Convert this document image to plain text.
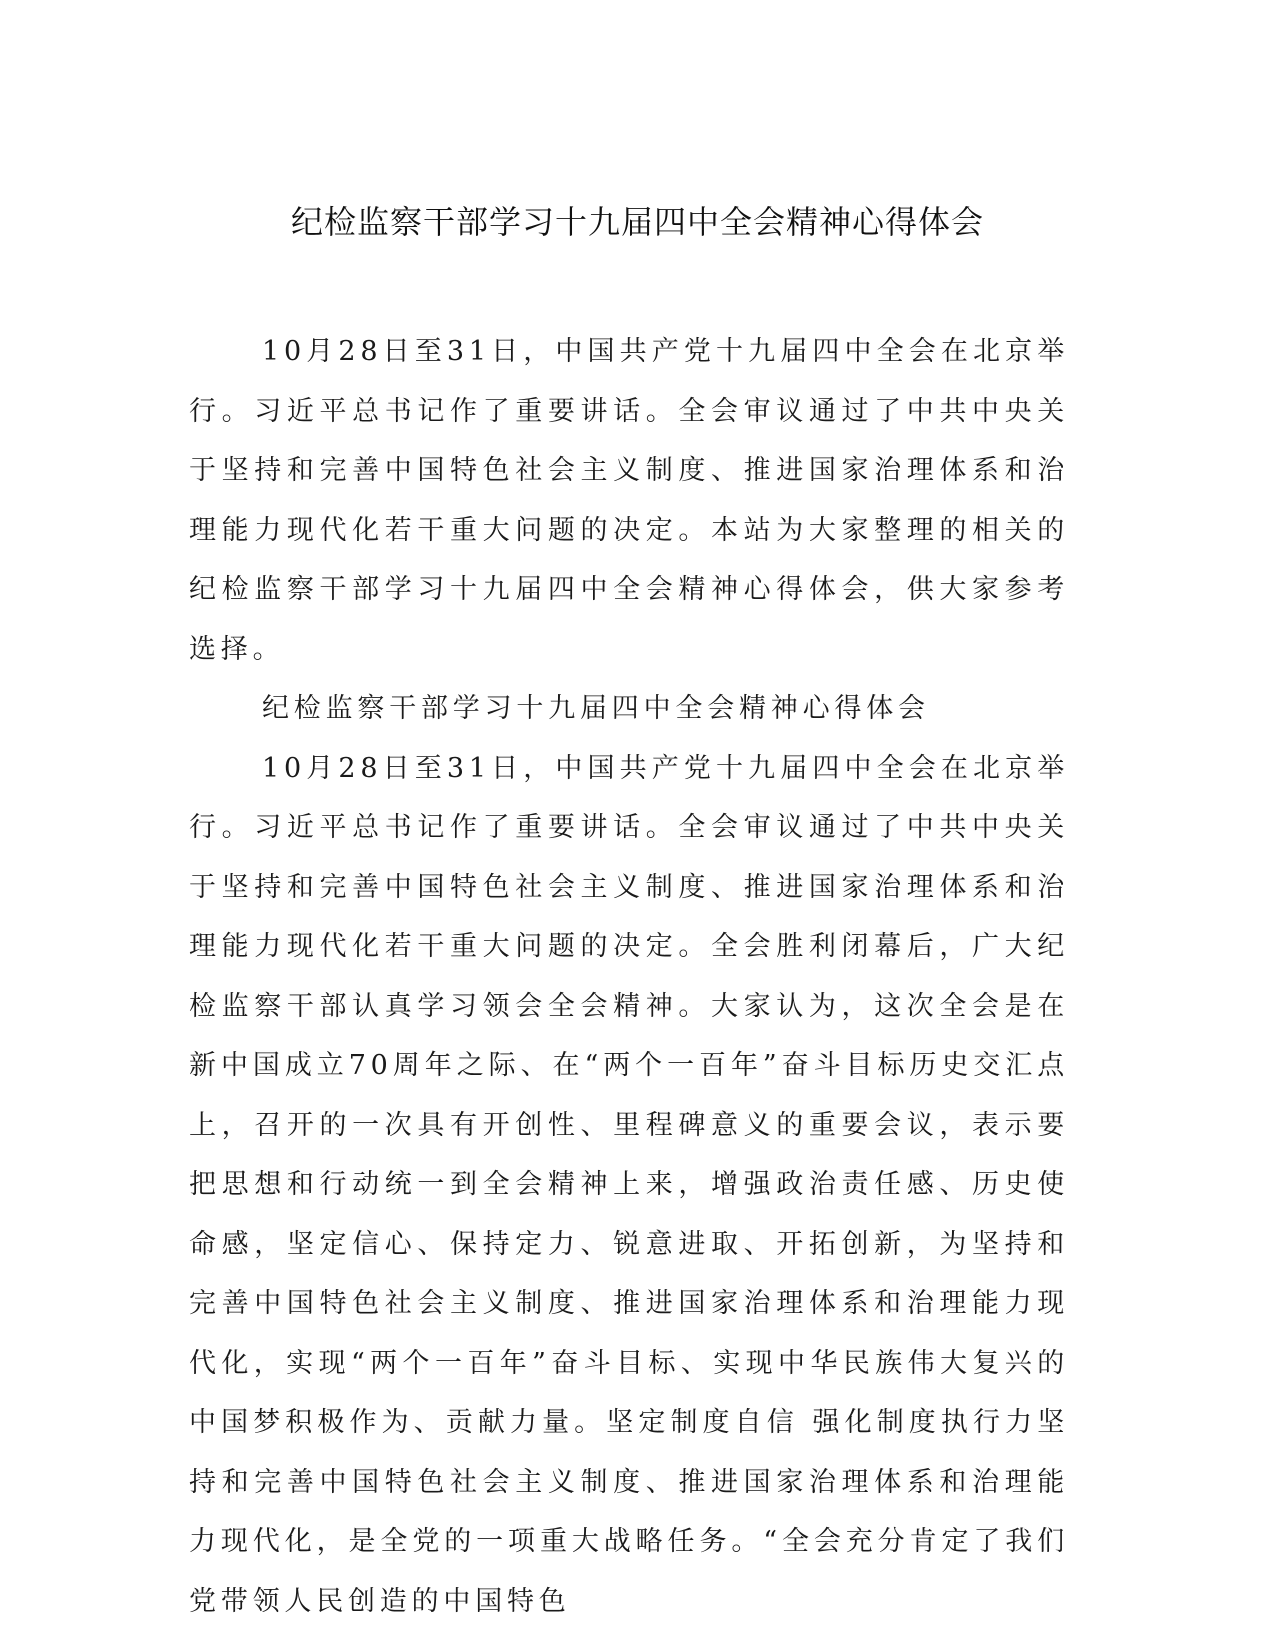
纪检监察干部学习十九届四中全会精神心得体会

10月28日至31日，中国共产党十九届四中全会在北京举行。习近平总书记作了重要讲话。全会审议通过了中共中央关于坚持和完善中国特色社会主义制度、推进国家治理体系和治理能力现代化若干重大问题的决定。本站为大家整理的相关的纪检监察干部学习十九届四中全会精神心得体会，供大家参考选择。

纪检监察干部学习十九届四中全会精神心得体会

10月28日至31日，中国共产党十九届四中全会在北京举行。习近平总书记作了重要讲话。全会审议通过了中共中央关于坚持和完善中国特色社会主义制度、推进国家治理体系和治理能力现代化若干重大问题的决定。全会胜利闭幕后，广大纪检监察干部认真学习领会全会精神。大家认为，这次全会是在新中国成立70周年之际、在“两个一百年”奋斗目标历史交汇点上，召开的一次具有开创性、里程碑意义的重要会议，表示要把思想和行动统一到全会精神上来，增强政治责任感、历史使命感，坚定信心、保持定力、锐意进取、开拓创新，为坚持和完善中国特色社会主义制度、推进国家治理体系和治理能力现代化，实现“两个一百年”奋斗目标、实现中华民族伟大复兴的中国梦积极作为、贡献力量。坚定制度自信 强化制度执行力坚持和完善中国特色社会主义制度、推进国家治理体系和治理能力现代化，是全党的一项重大战略任务。“全会充分肯定了我们党带领人民创造的中国特色
